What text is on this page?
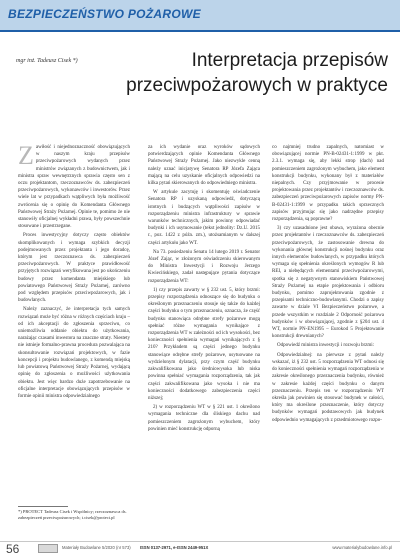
BEZPIECZEŃSTWO POŻAROWE
mgr inż. Tadeusz Cisek *)	Interpretacja przepisów
przeciwpożarowych w praktyce

Zawiłość i niejednoznaczność obowiązujących w naszym kraju przepisów przeciwpożarowych wydanych przez ministrów związanych z budownictwem, jak i ministra spraw wewnętrznych sprawia często sen z oczu projektantom, rzeczoznawców ds. zabezpieczeń przeciwpożarowych, wykonawców i inwestorów. Przez wiele lat w przypadkach wątpliwych była możliwość zwrócenia się o opinię do Komendanta Głównego Państwowej Straży Pożarnej. Opinie te, pomimo że nie stanowiły oficjalnej wykładni prawa, były powszechnie stosowane i przestrzegane.

Proces inwestycyjny dotyczy często obiektów skomplikowanych i wymaga szybkich decyzji podejmowanych przez projektanta i jego doradcę, którym jest rzeczoznawca ds. zabezpieczeń przeciwpożarowych. W praktyce prawidłowość przyjętych rozwiązań weryfikowana jest po ukończeniu budowy przez komendanta miejskiego lub powiatowego Państwowej Straży Pożarnej, zarówno pod względem przepisów przeciwpożarowych, jak i budowlanych.

Należy zaznaczyć, że interpretacja tych samych rozwiązań może być różna w różnych częściach kraju – od ich akceptacji do zgłoszenia sprzeciwu, co uniemożliwia oddanie obiektu do użytkowania, narażając czasami inwestora na znaczne straty. Niestety nie istnieje formalno-prawna procedura pozwalająca na skonsultowanie rozwiązań projektowych, w fazie koncepcji i projektu budowlanego, z komendą miejską lub powiatową Państwowej Straży Pożarnej, wydającą opinię do zgłoszenia o możliwości użytkowania obiektu. Jest więc bardzo duże zapotrzebowanie na oficjalne interpretacje obowiązujących przepisów w formie opinii ministra odpowiedzialnego

za ich wydanie oraz wyroków sądowych potwierdzających opinie Komendanta Głównego Państwowej Straży Pożarnej. Jako niezwykle cenną należy uznać inicjatywę Senatora RP Józefa Zająca mającą na celu uzyskanie oficjalnych odpowiedzi na kilka pytań skierowanych do odpowiedniego ministra.

W artykule zacytuję i skomentuję oświadczenie Senatora RP i uzyskaną odpowiedź, dotyczącą istotnych i budzących wątpliwości zapisów w rozporządzeniu ministra infrastruktury w sprawie warunków technicznych, jakim powinny odpowiadać budynki i ich usytuowanie (tekst jednolity: Dz.U. 2015 r., poz. 1422 z późn. zm.), utożsamianym w dalszej części artykułu jako WT.

Na 73. posiedzeniu Senatu 14 lutego 2019 r. Senator Józef Zając, w złożonym oświadczeniu skierowanym do Ministra Inwestycji i Rozwoju Jerzego Kwiecińskiego, zadał następujące pytania dotyczące rozporządzenia WT:

1) czy przepis zawarty w § 232 ust. 5, który brzmi: przepisy rozporządzenia odnoszące się do budynku o określonym przeznaczeniu stosuje się także do każdej części budynku o tym przeznaczeniu, oznacza, że część budynku stanowiąca odrębne strefy pożarowe mogą spełniać różne wymagania wynikające z rozporządzenia WT w zależności od ich wysokości, bez konieczności spełnienia wymagań wynikających z § 210? Przykładem są części jednego budynku stanowiące odrębne strefy pożarowe, usytuowane na wydzielonym dylatacji, przy czym część budynku zakwalifikowana jako średniowysoka lub niska powinna spełniać wymagania rozporządzenia, tak jak części zakwalifikowana jako wysoka i nie ma konieczności dodatkowego zabezpieczenia części niższej;

2) w rozporządzeniu WT w § 221 ust. 1 określono wymagania techniczne dla śliskiego dachu nad pomieszczeniem zagrożonym wybuchem, który powinien mieć konstrukcję odporną

co najmniej trudno zapalnych, natomiast w obowiązującej normie PN-B-02431-1:1999 w pkt. 2.3.1. wymaga się, aby lekki strop (dach) nad pomieszczeniem zagrożonym wybuchem, jako element konstrukcji budynku, wykonany był z materiałów niepalnych. Czy przyjmowanie w procesie projektowania przez projektantów i rzeczoznawców ds. zabezpieczeń przeciwpożarowych zapisów normy PN-B-02431-1:1999 w przypadku takich sprzecznych zapisów przyjmując się jako nadrzędne przepisy rozporządzenia, są poprawne?

3) czy uzasadnione jest obawa, wyrażona obecnie przez projektantów i rzeczoznawców ds. zabezpieczeń przeciwpożarowych, że zastosowanie drewna do wykonania głównej konstrukcji nośnej budynku oraz innych elementów budowlanych, w przypadku których wymaga się spełnienia określonych wymogów R lub REI, a niebędących elementami przeciwpożarowymi, spotka się z negatywnym stanowiskiem Państwowej Straży Pożarnej na etapie projektowania i odbioru budynku, pomimo zaprojektowania zgodnie z przepisami techniczno-budowlanymi. Chodzi o zapisy zawarte w dziale VI Bezpieczeństwo pożarowe, a przede wszystkim w rozdziale 2 Odporność pożarowa budynków i w obowiązującej, zgodnie z §204 ust. 4 WT, normie PN-EN1995 – Eurokod 5 Projektowanie konstrukcji drewnianych?

Odpowiedź ministra inwestycji i rozwoju brzmi:

Odpowiedzialnej: na pierwsze z pytań należy wskazać, iż § 232 ust. 5 rozporządzenia WT odnosi się do konieczności spełnienia wymagań rozporządzenia w zakresie określonego przeznaczenia budynku, również w zakresie każdej części budynku o danym przeznaczeniu. Przepis ten w rozporządzeniu WT określa jak powinien się stosować budynek w całości, który ma określone przeznaczenie, który dotyczy budynków wymagań podstawowych jak budynek odpowiednio wymagających z przedmiotowego rozpo-

*) PROTECT Tadeusz Cisek i Wspólnicy; rzeczoznawca ds. zabezpieczeń przeciwpożarowych; t.cisek@protect.pl
56	Materiały Budowlane 5/2020 (nr 573) ISSN 0137-2971, e-ISSN 2449-951X	www.materialybudowlane.info.pl
